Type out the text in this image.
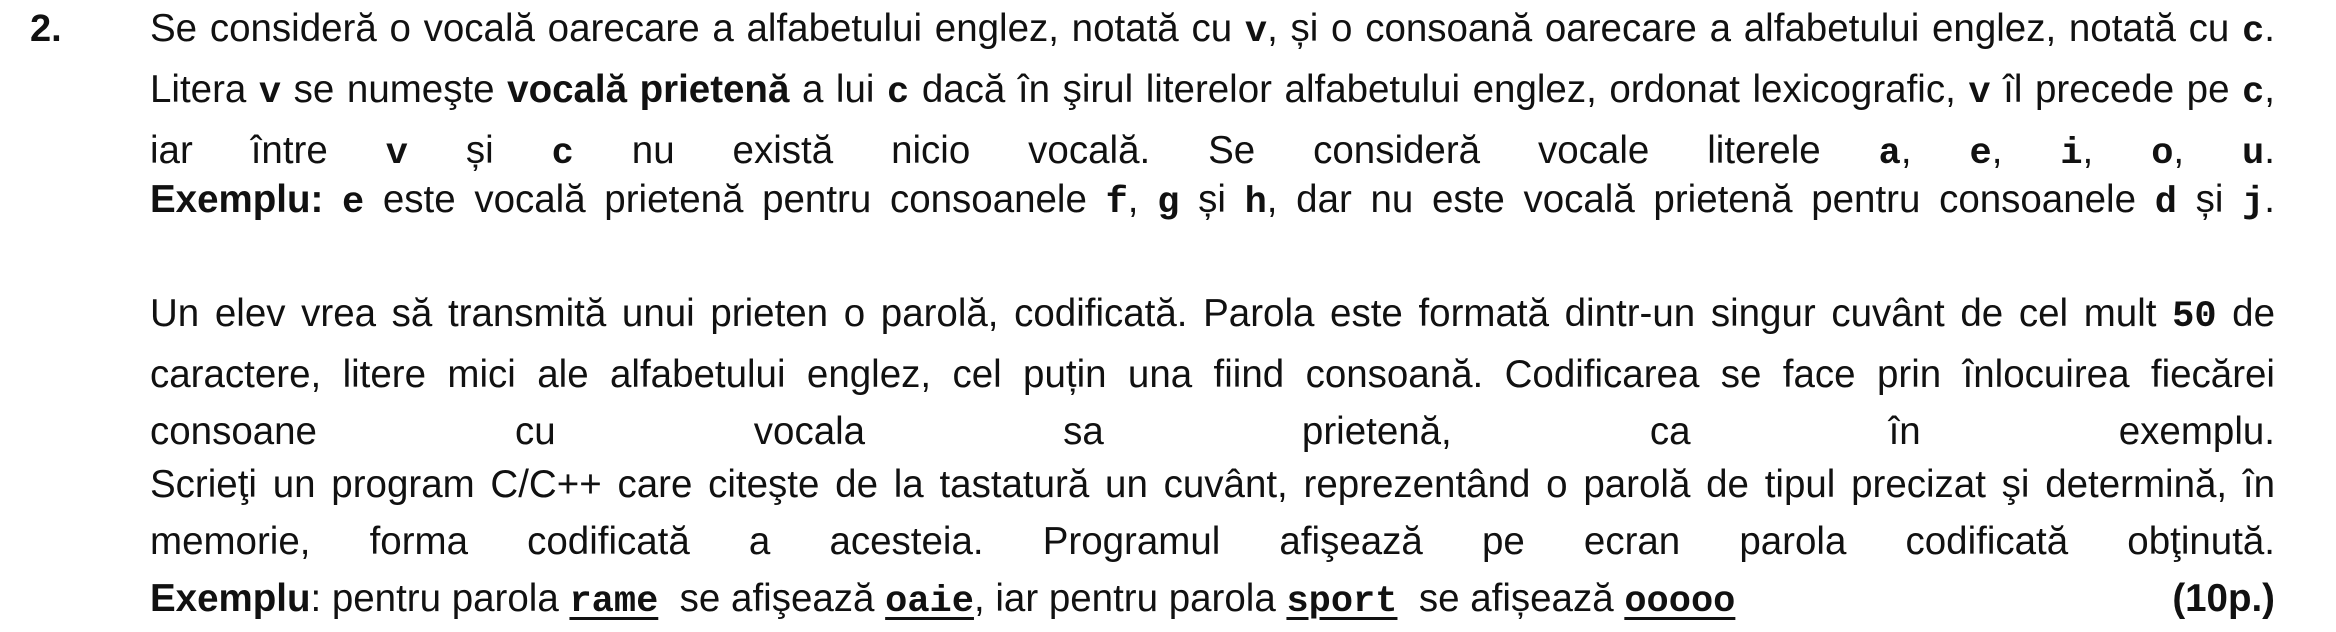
2. Se consideră o vocală oarecare a alfabetului englez, notată cu v, și o consoană oarecare a alfabetului englez, notată cu c. Litera v se numeşte vocală prietenă a lui c dacă în şirul literelor alfabetului englez, ordonat lexicografic, v îl precede pe c, iar între v și c nu există nicio vocală. Se consideră vocale literele a, e, i, o, u.
Exemplu: e este vocală prietenă pentru consoanele f, g și h, dar nu este vocală prietenă pentru consoanele d și j.
Un elev vrea să transmită unui prieten o parolă, codificată. Parola este formată dintr-un singur cuvânt de cel mult 50 de caractere, litere mici ale alfabetului englez, cel puțin una fiind consoană. Codificarea se face prin înlocuirea fiecărei consoane cu vocala sa prietenă, ca în exemplu.
Scrieţi un program C/C++ care citeşte de la tastatură un cuvânt, reprezentând o parolă de tipul precizat şi determină, în memorie, forma codificată a acesteia. Programul afişează pe ecran parola codificată obţinută.
Exemplu: pentru parola rame  se afişează oaie, iar pentru parola sport  se afișează ooooo	(10p.)
